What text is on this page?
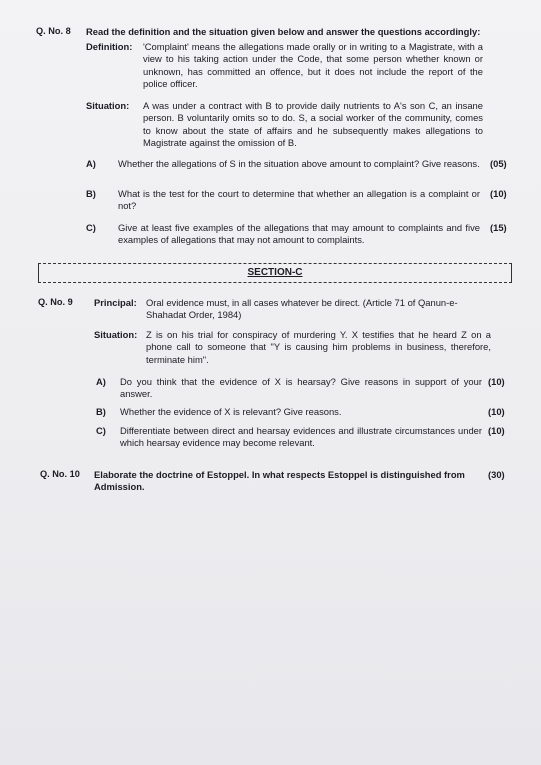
Q. No. 8 Read the definition and the situation given below and answer the questions accordingly:
Definition: 'Complaint' means the allegations made orally or in writing to a Magistrate, with a view to his taking action under the Code, that some person whether known or unknown, has committed an offence, but it does not include the report of the police officer.
Situation: A was under a contract with B to provide daily nutrients to A's son C, an insane person. B voluntarily omits so to do. S, a social worker of the community, comes to know about the state of affairs and he subsequently makes allegations to Magistrate against the omission of B.
A) Whether the allegations of S in the situation above amount to complaint? Give reasons. (05)
B) What is the test for the court to determine that whether an allegation is a complaint or not?
(10)
C) Give at least five examples of the allegations that may amount to complaints and five examples of allegations that may not amount to complaints.
(15)
SECTION-C
Q. No. 9 Principal: Oral evidence must, in all cases whatever be direct. (Article 71 of Qanun-e-Shahadat Order, 1984)
Situation: Z is on his trial for conspiracy of murdering Y. X testifies that he heard Z on a phone call to someone that "Y is causing him problems in business, therefore, terminate him".
A) Do you think that the evidence of X is hearsay? Give reasons in support of your answer.
(10)
B) Whether the evidence of X is relevant? Give reasons.	(10)
C) Differentiate between direct and hearsay evidences and illustrate circumstances under which hearsay evidence may become relevant.
(10)
Q. No. 10 Elaborate the doctrine of Estoppel. In what respects Estoppel is distinguished from Admission.
(30)
